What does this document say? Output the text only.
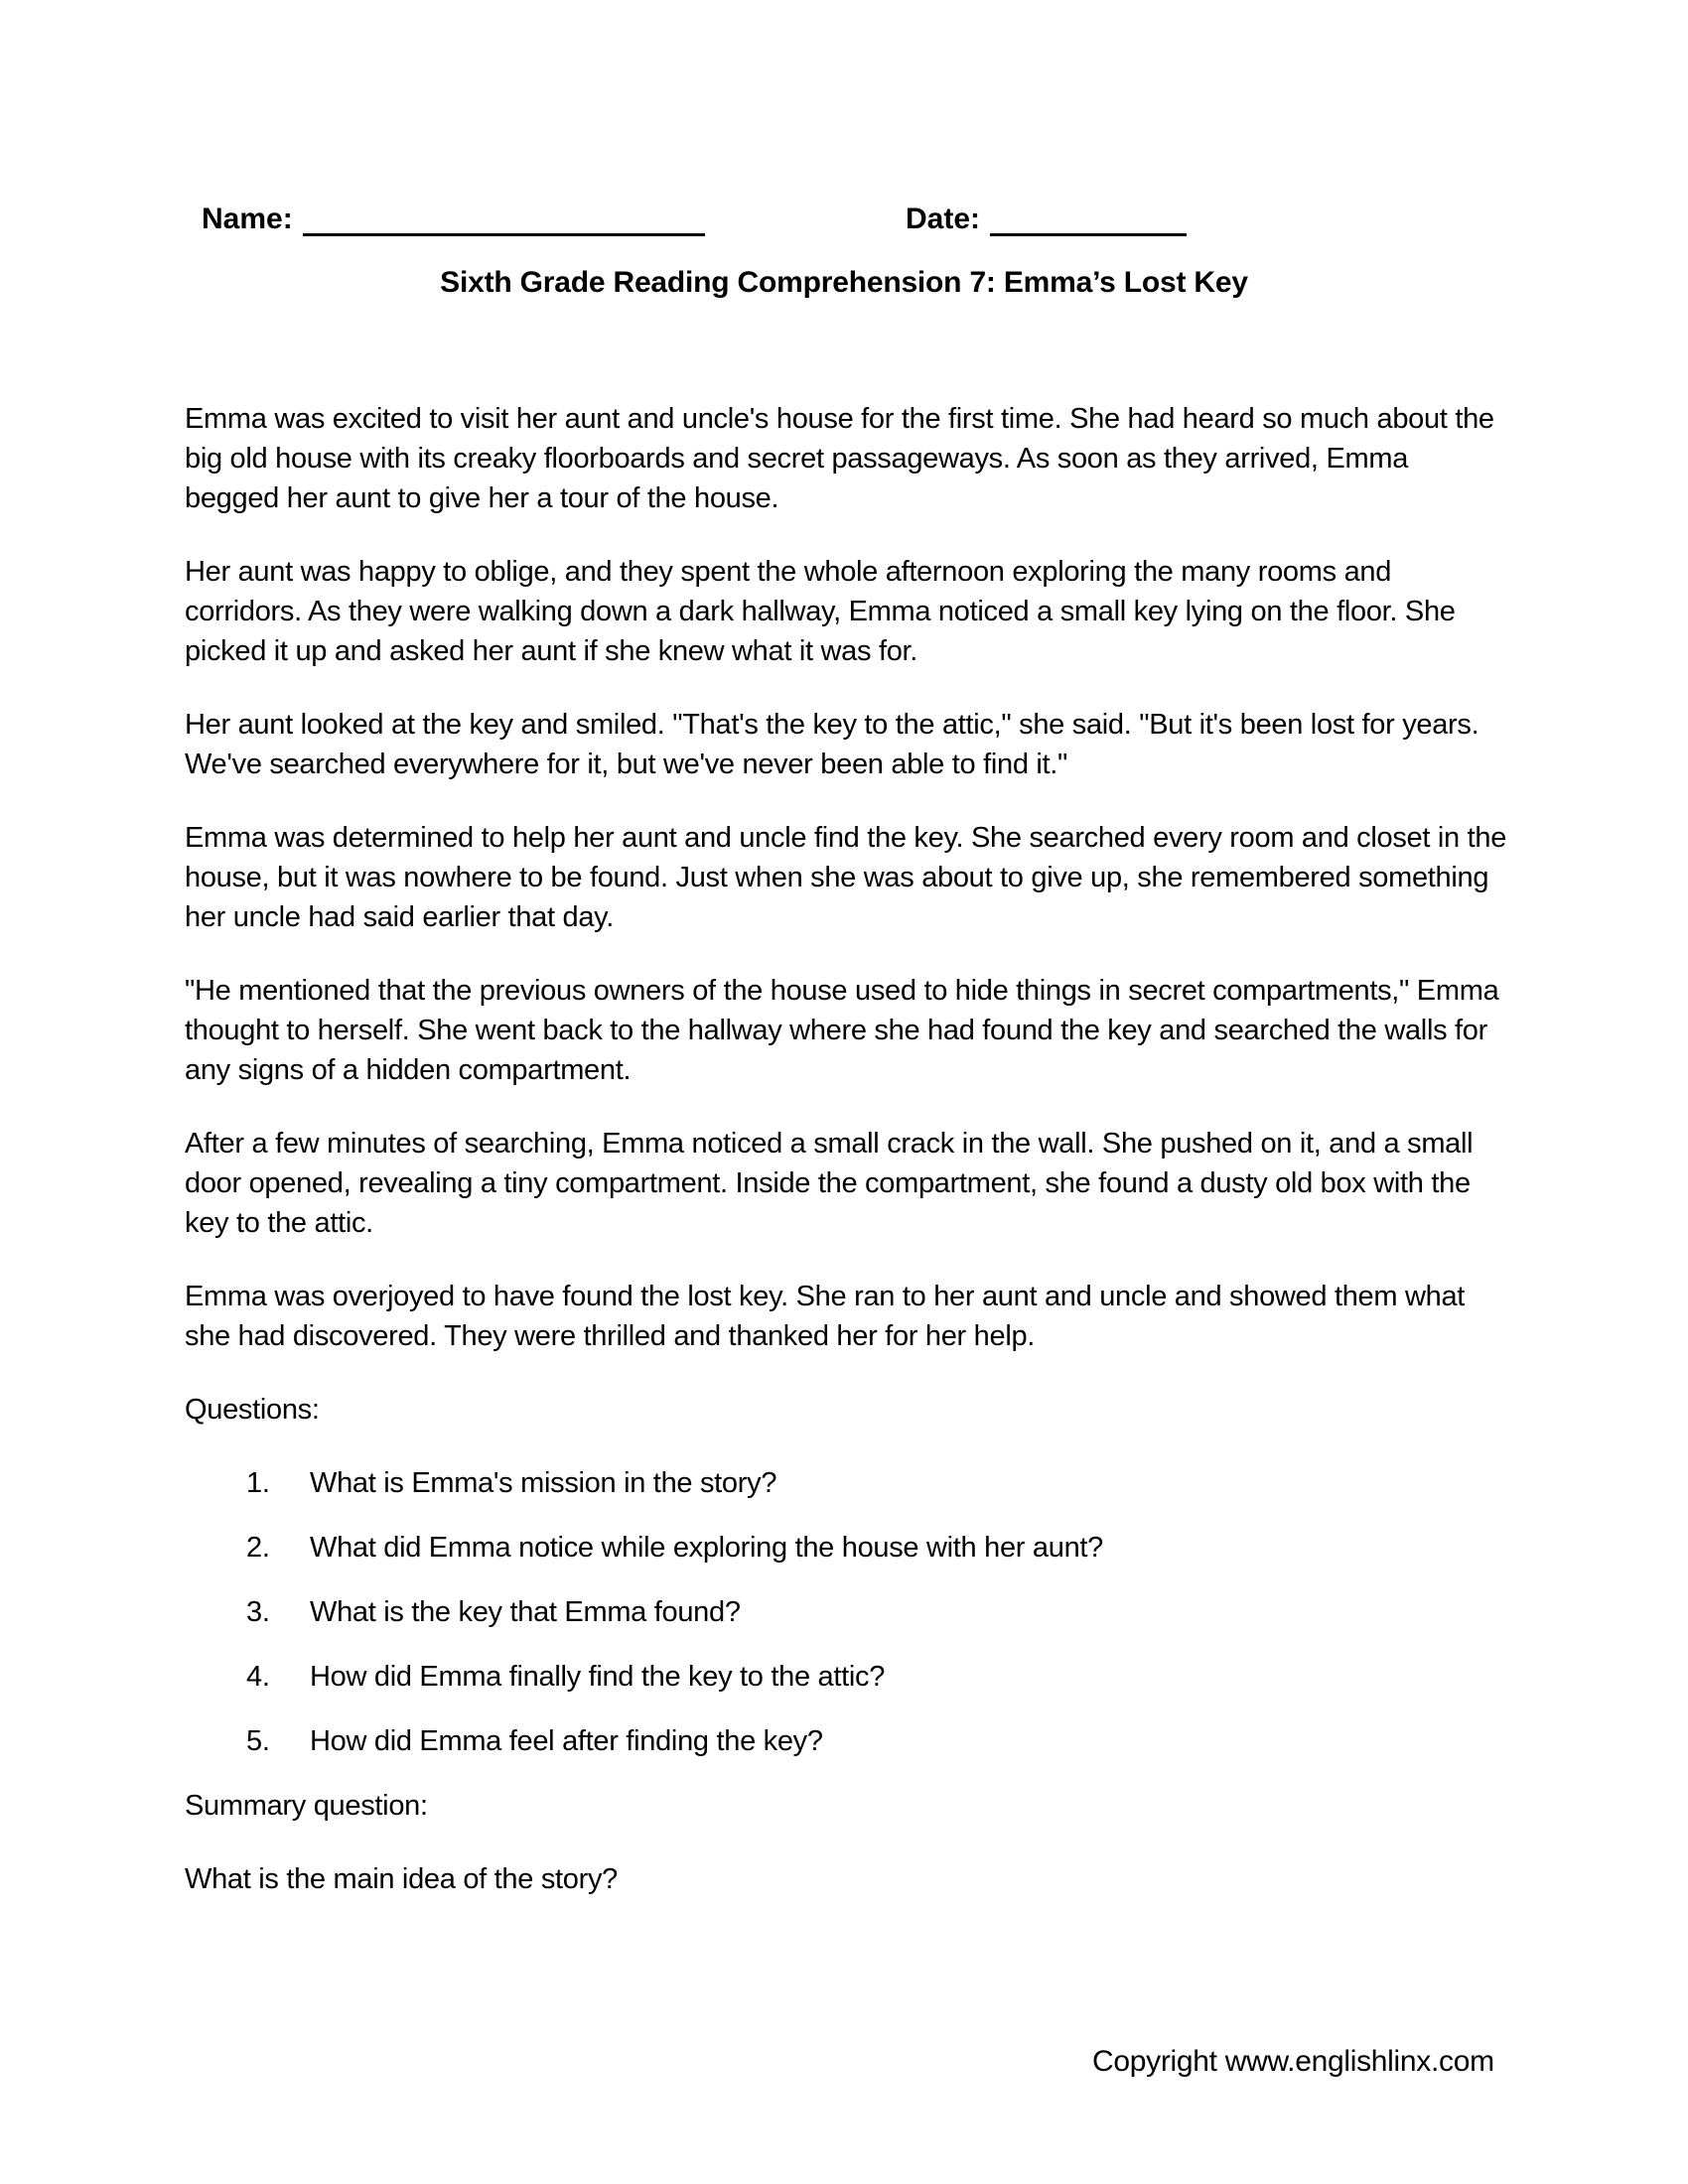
Name:	Date:
Sixth Grade Reading Comprehension 7: Emma’s Lost Key

Emma was excited to visit her aunt and uncle's house for the first time. She had heard so much about the big old house with its creaky floorboards and secret passageways. As soon as they arrived, Emma begged her aunt to give her a tour of the house.

Her aunt was happy to oblige, and they spent the whole afternoon exploring the many rooms and corridors. As they were walking down a dark hallway, Emma noticed a small key lying on the floor. She picked it up and asked her aunt if she knew what it was for.

Her aunt looked at the key and smiled. "That's the key to the attic," she said. "But it's been lost for years. We've searched everywhere for it, but we've never been able to find it."

Emma was determined to help her aunt and uncle find the key. She searched every room and closet in the house, but it was nowhere to be found. Just when she was about to give up, she remembered something her uncle had said earlier that day.

"He mentioned that the previous owners of the house used to hide things in secret compartments," Emma thought to herself. She went back to the hallway where she had found the key and searched the walls for any signs of a hidden compartment.

After a few minutes of searching, Emma noticed a small crack in the wall. She pushed on it, and a small door opened, revealing a tiny compartment. Inside the compartment, she found a dusty old box with the key to the attic.

Emma was overjoyed to have found the lost key. She ran to her aunt and uncle and showed them what she had discovered. They were thrilled and thanked her for her help.

Questions:

1.	What is Emma's mission in the story?
2.	What did Emma notice while exploring the house with her aunt?
3.	What is the key that Emma found?
4.	How did Emma finally find the key to the attic?
5.	How did Emma feel after finding the key?

Summary question:

What is the main idea of the story?

Copyright www.englishlinx.com
